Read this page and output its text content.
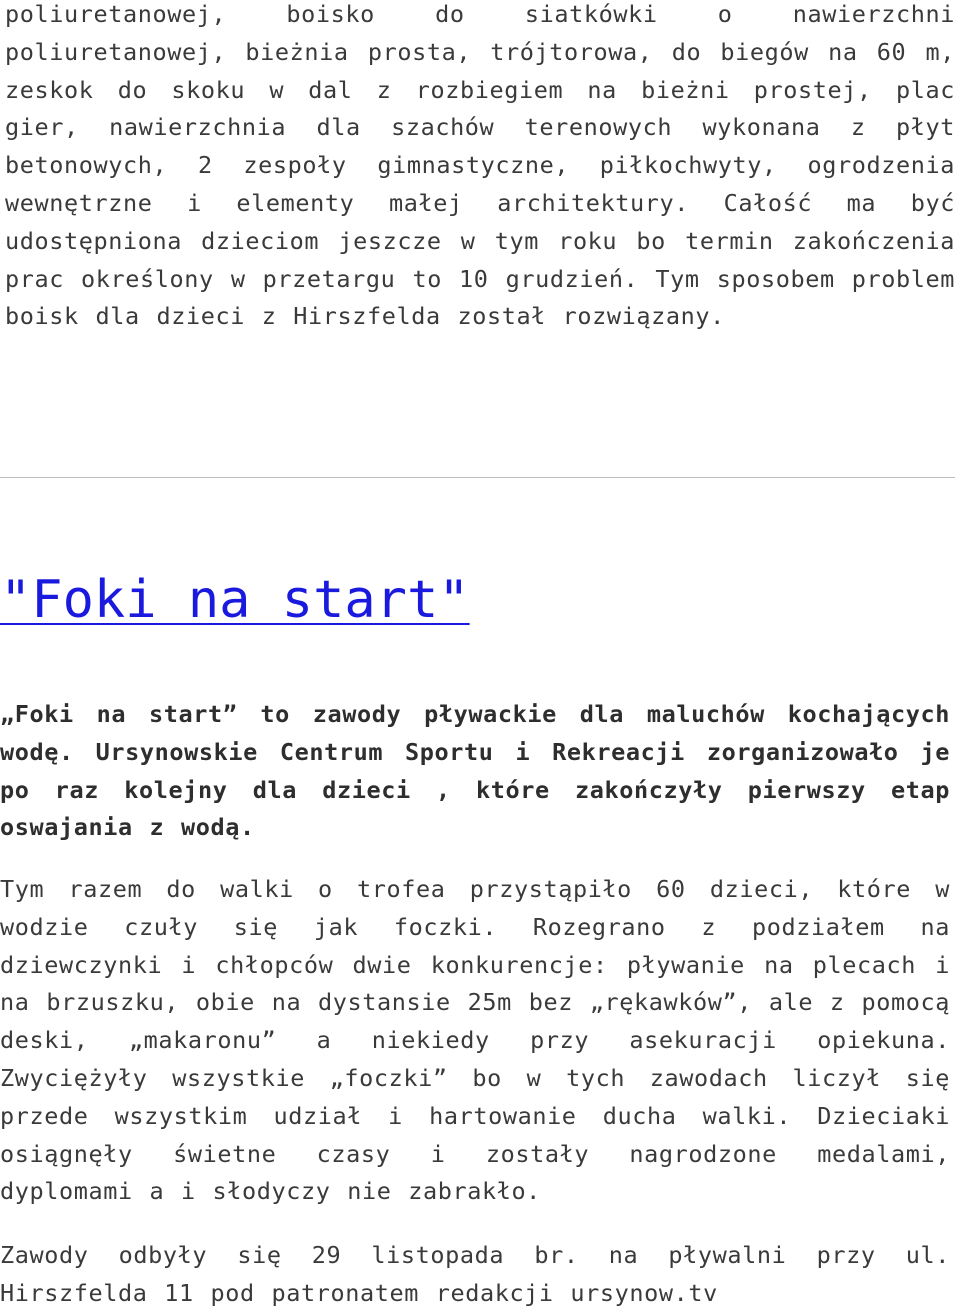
poliuretanowej, boisko do siatkówki o nawierzchni poliuretanowej, bieżnia prosta, trójtorowa, do biegów na 60 m, zeskok do skoku w dal z rozbiegiem na bieżni prostej, plac gier, nawierzchnia dla szachów terenowych wykonana z płyt betonowych, 2 zespoły gimnastyczne, piłkochwyty, ogrodzenia wewnętrzne i elementy małej architektury. Całość ma być udostępniona dzieciom jeszcze w tym roku bo termin zakończenia prac określony w przetargu to 10 grudzień. Tym sposobem problem boisk dla dzieci z Hirszfelda został rozwiązany.

"Foki na start"

„Foki na start” to zawody pływackie dla maluchów kochających wodę. Ursynowskie Centrum Sportu i Rekreacji zorganizowało je po raz kolejny dla dzieci , które zakończyły pierwszy etap oswajania z wodą.

Tym razem do walki o trofea przystąpiło 60 dzieci, które w wodzie czuły się jak foczki. Rozegrano z podziałem na dziewczynki i chłopców dwie konkurencje: pływanie na plecach i na brzuszku, obie na dystansie 25m bez „rękawków”, ale z pomocą deski, „makaronu” a niekiedy przy asekuracji opiekuna. Zwyciężyły wszystkie „foczki” bo w tych zawodach liczył się przede wszystkim udział i hartowanie ducha walki. Dzieciaki osiągnęły świetne czasy i zostały nagrodzone medalami, dyplomami a i słodyczy nie zabrakło.

Zawody odbyły się 29 listopada br. na pływalni przy ul. Hirszfelda 11 pod patronatem redakcji ursynow.tv
